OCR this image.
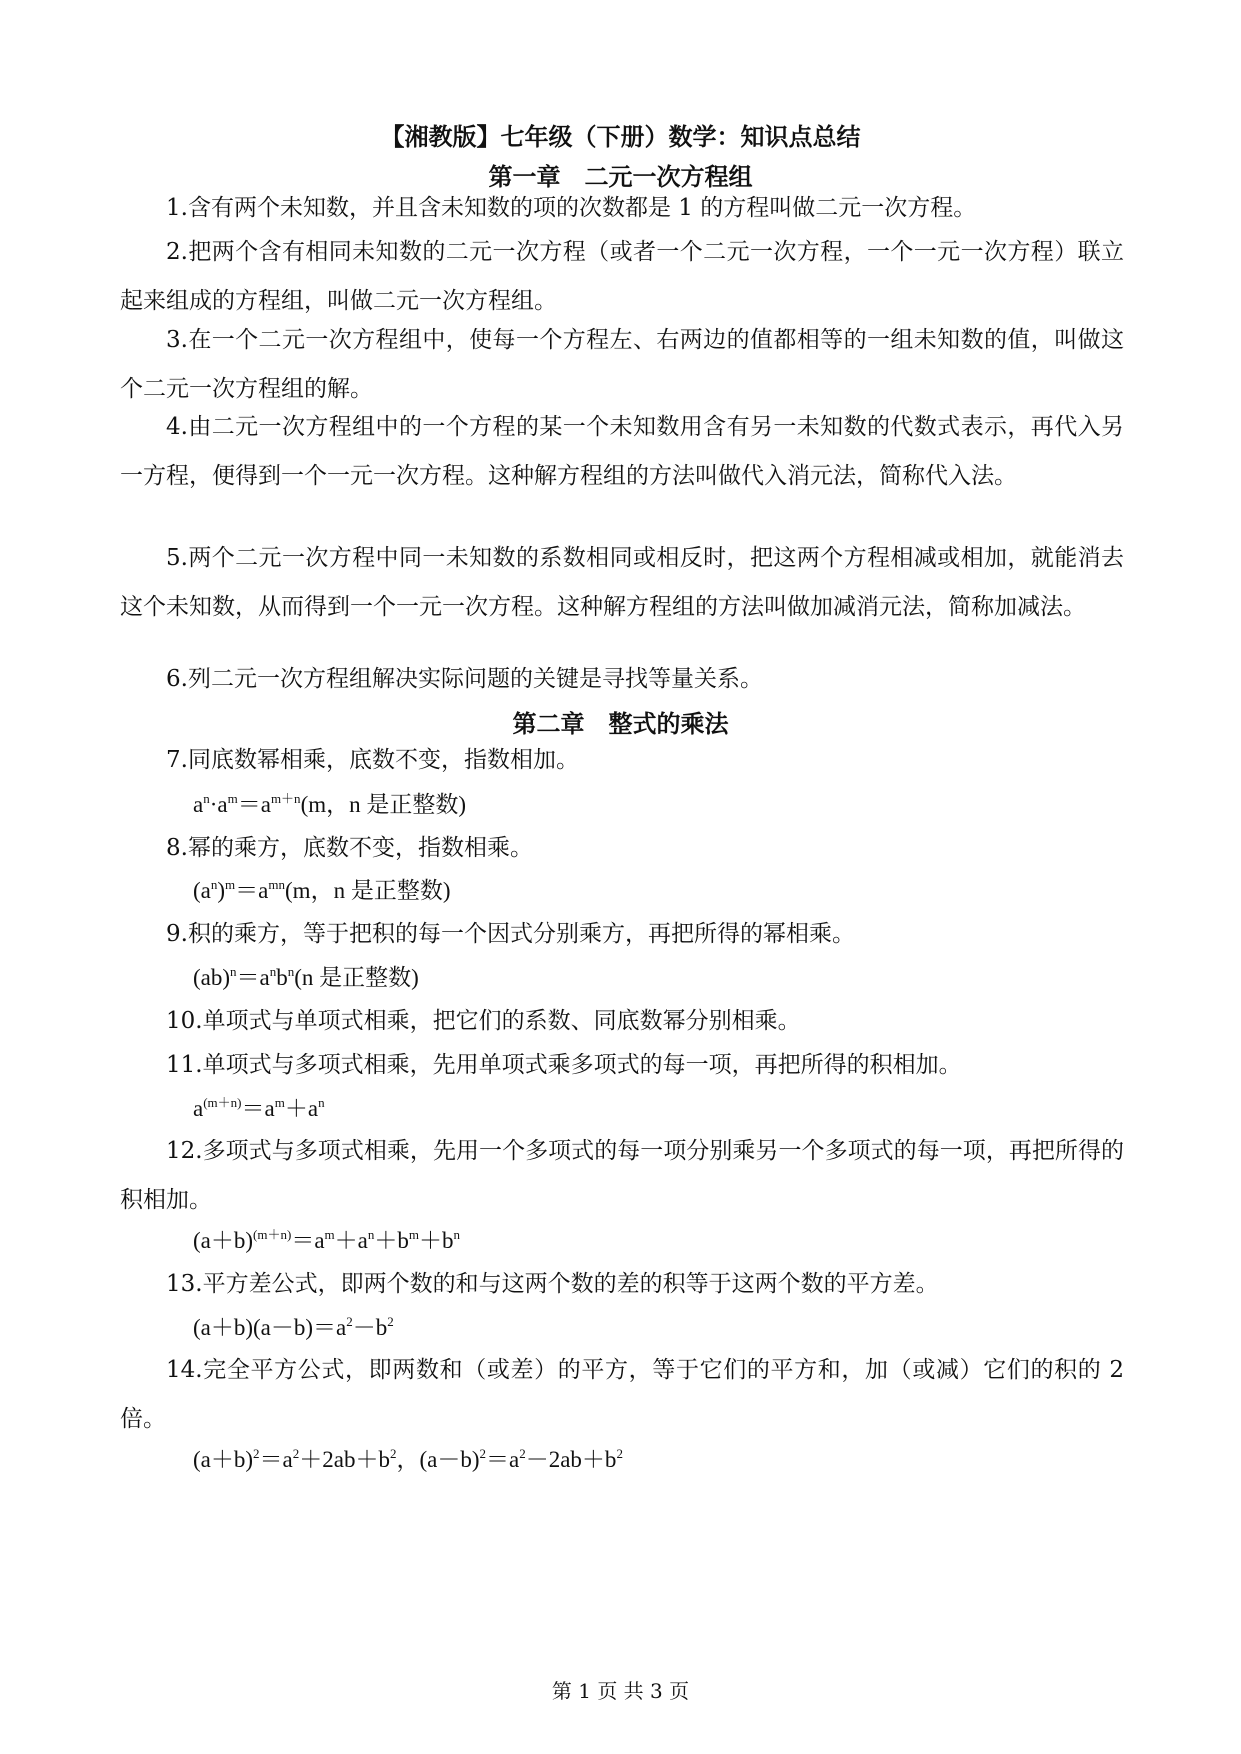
【湘教版】七年级（下册）数学：知识点总结
第一章　二元一次方程组

1.含有两个未知数，并且含未知数的项的次数都是 1 的方程叫做二元一次方程。

2.把两个含有相同未知数的二元一次方程（或者一个二元一次方程，一个一元一次方程）联立起来组成的方程组，叫做二元一次方程组。

3.在一个二元一次方程组中，使每一个方程左、右两边的值都相等的一组未知数的值，叫做这个二元一次方程组的解。

4.由二元一次方程组中的一个方程的某一个未知数用含有另一未知数的代数式表示，再代入另一方程，便得到一个一元一次方程。这种解方程组的方法叫做代入消元法，简称代入法。

5.两个二元一次方程中同一未知数的系数相同或相反时，把这两个方程相减或相加，就能消去这个未知数，从而得到一个一元一次方程。这种解方程组的方法叫做加减消元法，简称加减法。

6.列二元一次方程组解决实际问题的关键是寻找等量关系。

第二章　整式的乘法

7.同底数幂相乘，底数不变，指数相加。

$a^n\cdot a^m=a^{m+n}(m$，n 是正整数)

8.幂的乘方，底数不变，指数相乘。

$(a^n)^m=a^{mn}(m$，n 是正整数)

9.积的乘方，等于把积的每一个因式分别乘方，再把所得的幂相乘。

$(ab)^n=a^nb^n(n$ 是正整数)

10.单项式与单项式相乘，把它们的系数、同底数幂分别相乘。

11.单项式与多项式相乘，先用单项式乘多项式的每一项，再把所得的积相加。

$a^{(m+n)}=a^m+a^n$

12.多项式与多项式相乘，先用一个多项式的每一项分别乘另一个多项式的每一项，再把所得的积相加。

$(a+b)^{(m+n)}=a^m+a^n+b^m+b^n$

13.平方差公式，即两个数的和与这两个数的差的积等于这两个数的平方差。

$(a+b)(a-b)=a^2-b^2$

14.完全平方公式，即两数和（或差）的平方，等于它们的平方和，加（或减）它们的积的 2 倍。

$(a+b)^2=a^2+2ab+b^2$，$(a-b)^2=a^2-2ab+b^2$

第 1 页 共 3 页
